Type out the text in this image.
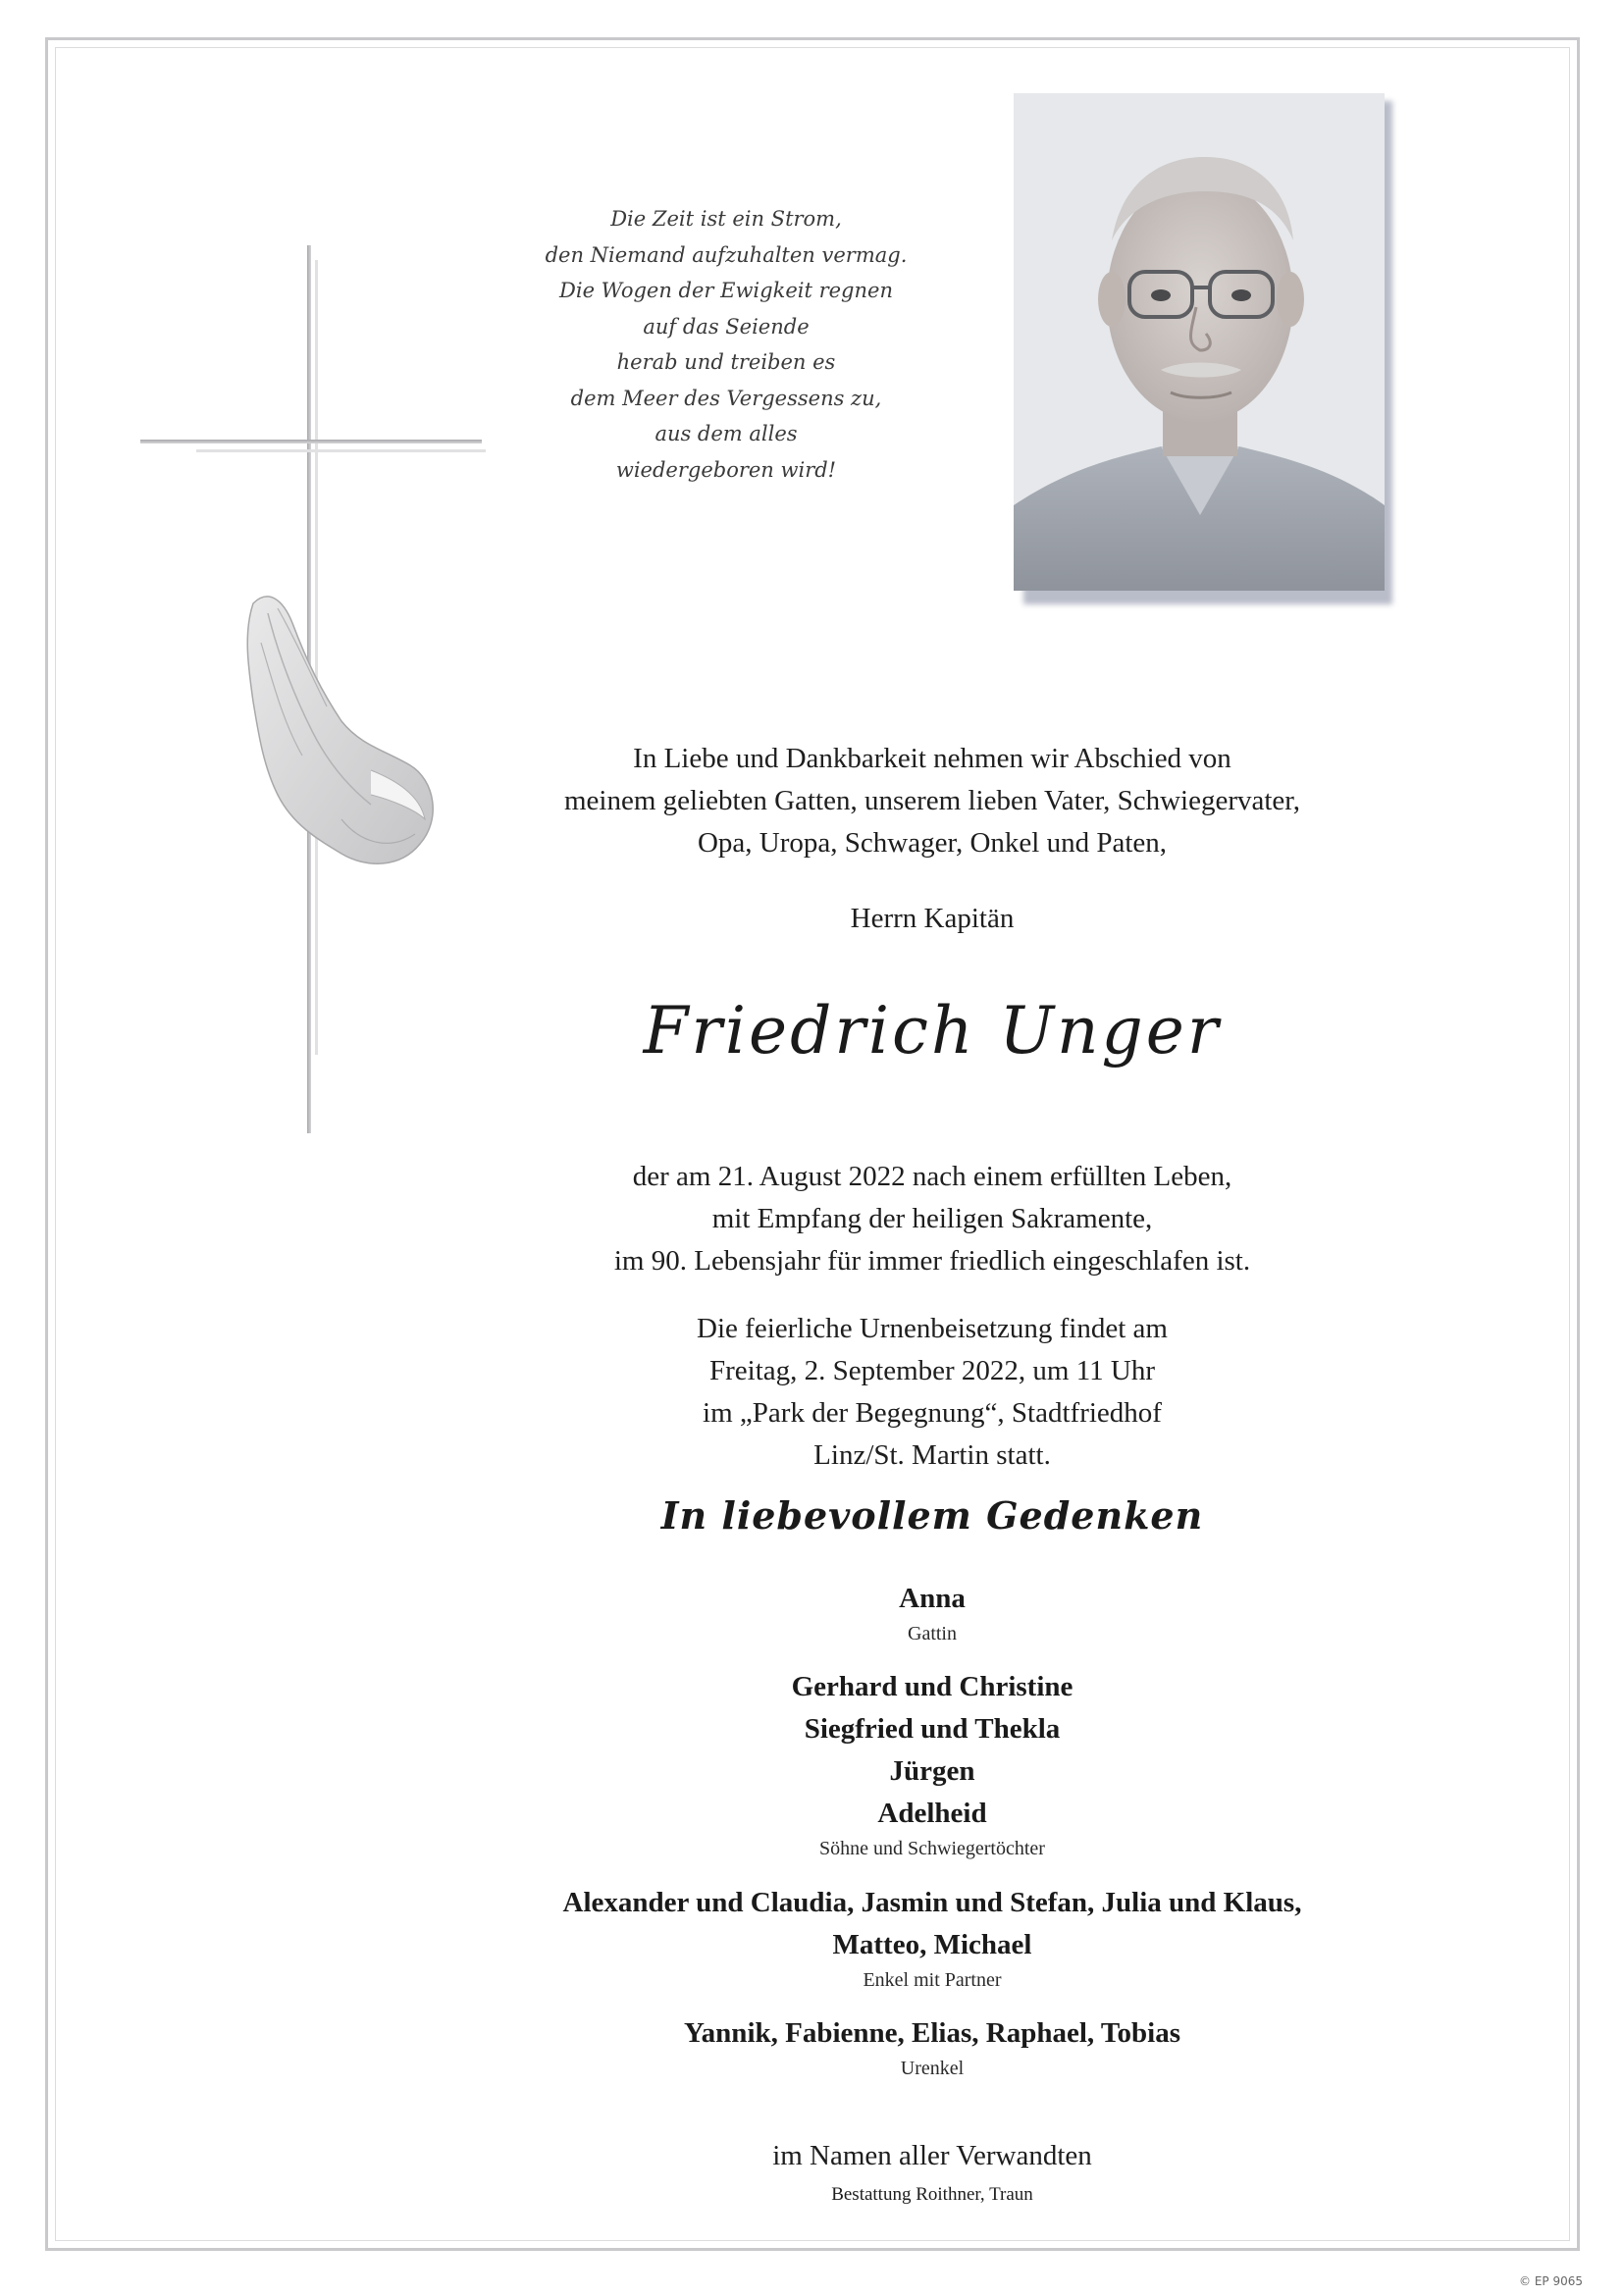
Die Zeit ist ein Strom,
den Niemand aufzuhalten vermag.
Die Wogen der Ewigkeit regnen
auf das Seiende
herab und treiben es
dem Meer des Vergessens zu,
aus dem alles
wiedergeboren wird!
In Liebe und Dankbarkeit nehmen wir Abschied von
meinem geliebten Gatten, unserem lieben Vater, Schwiegervater,
Opa, Uropa, Schwager, Onkel und Paten,
Herrn Kapitän
Friedrich Unger
der am 21. August 2022 nach einem erfüllten Leben,
mit Empfang der heiligen Sakramente,
im 90. Lebensjahr für immer friedlich eingeschlafen ist.
Die feierliche Urnenbeisetzung findet am
Freitag, 2. September 2022, um 11 Uhr
im „Park der Begegnung“, Stadtfriedhof
Linz/St. Martin statt.
In liebevollem Gedenken
Anna
Gattin
Gerhard und Christine
Siegfried und Thekla
Jürgen
Adelheid
Söhne und Schwiegertöchter
Alexander und Claudia, Jasmin und Stefan, Julia und Klaus,
Matteo, Michael
Enkel mit Partner
Yannik, Fabienne, Elias, Raphael, Tobias
Urenkel
im Namen aller Verwandten
Bestattung Roithner, Traun
© EP 9065
